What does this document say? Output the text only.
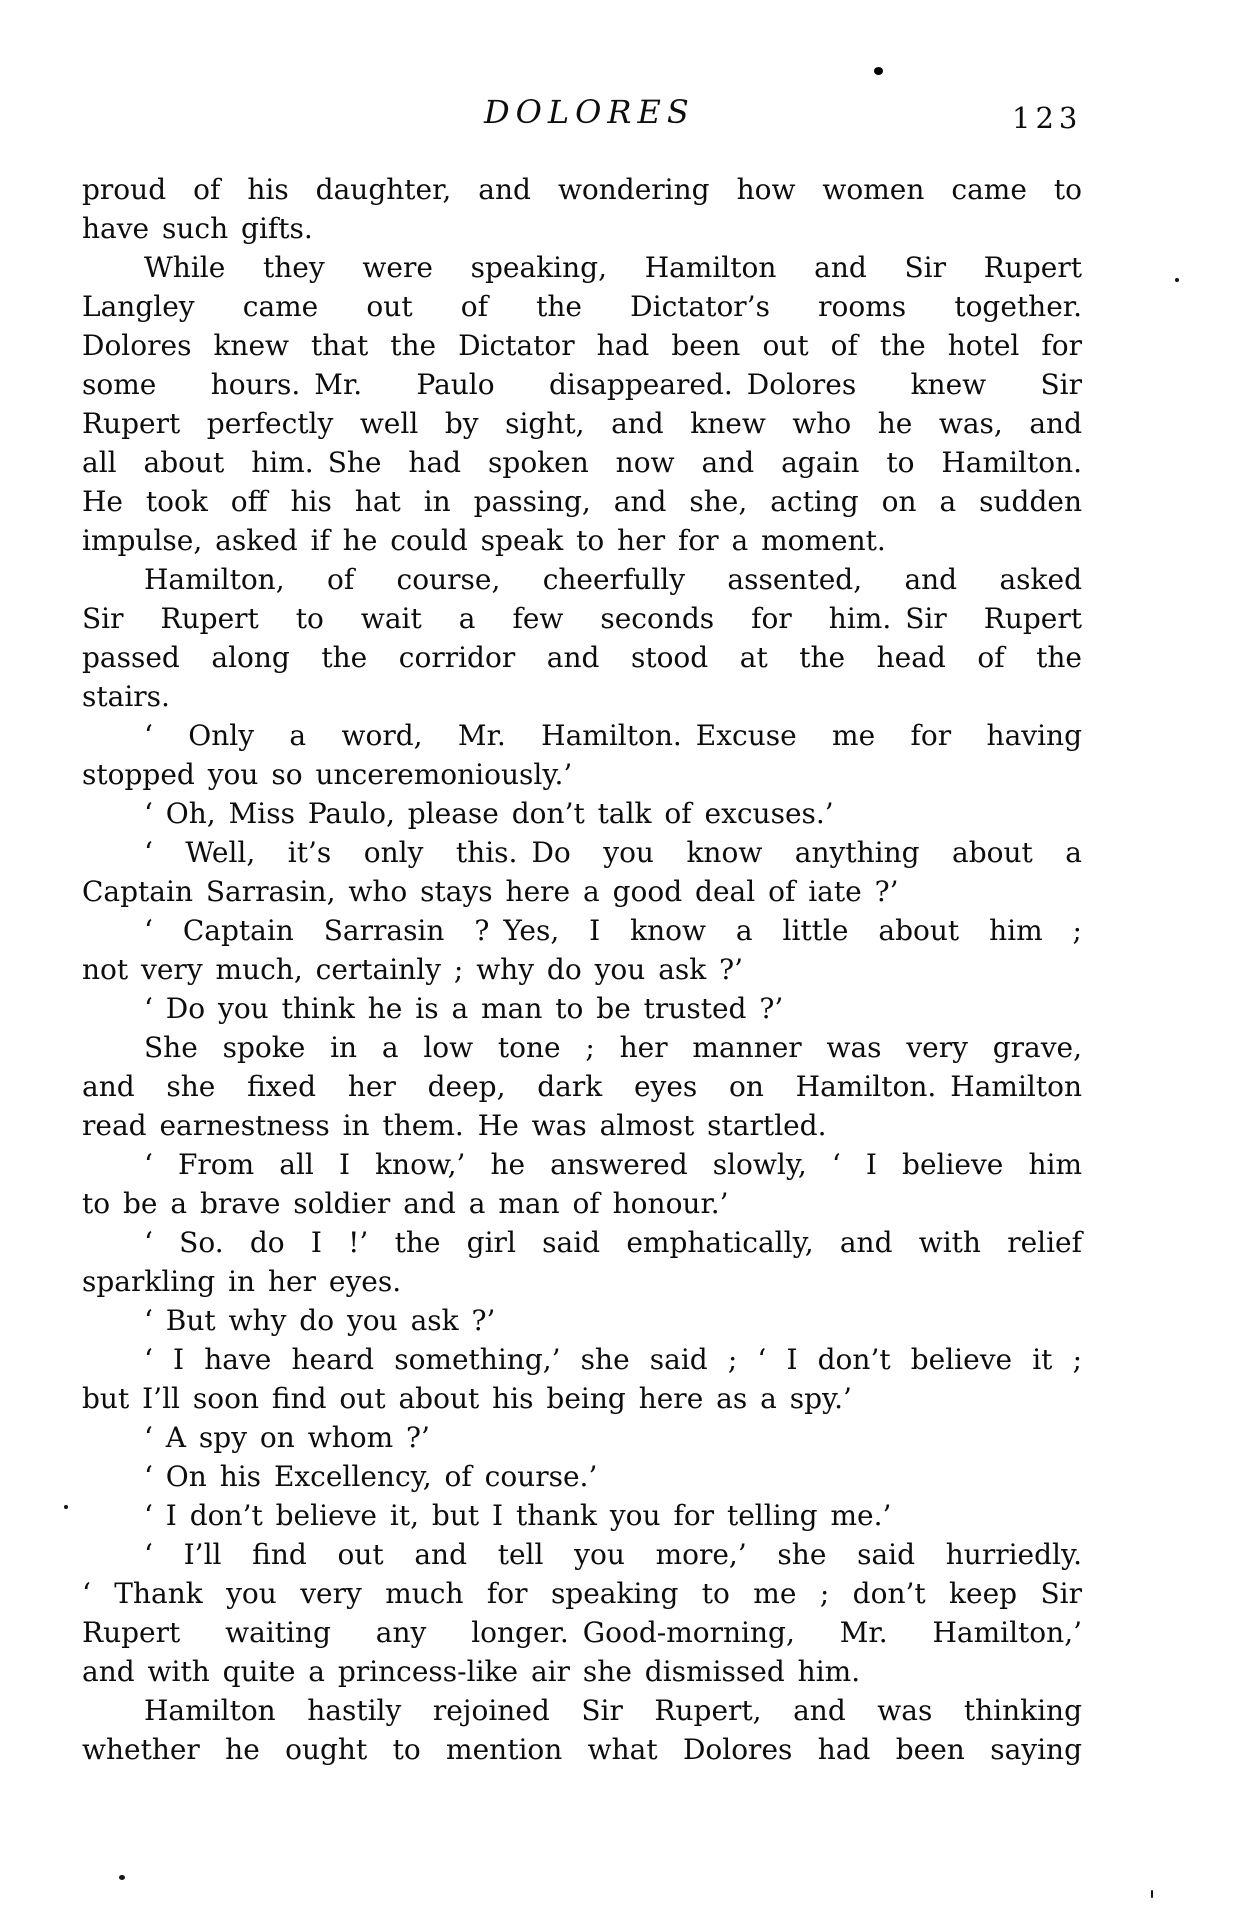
DOLORES	123
proud of his daughter, and wondering how women came to
have such gifts.
While they were speaking, Hamilton and Sir Rupert
Langley came out of the Dictator’s rooms together.
Dolores knew that the Dictator had been out of the hotel for
some hours. Mr. Paulo disappeared. Dolores knew Sir
Rupert perfectly well by sight, and knew who he was, and
all about him. She had spoken now and again to Hamilton.
He took off his hat in passing, and she, acting on a sudden
impulse, asked if he could speak to her for a moment.
Hamilton, of course, cheerfully assented, and asked
Sir Rupert to wait a few seconds for him. Sir Rupert
passed along the corridor and stood at the head of the
stairs.
‘ Only a word, Mr. Hamilton. Excuse me for having
stopped you so unceremoniously.’
‘ Oh, Miss Paulo, please don’t talk of excuses.’
‘ Well, it’s only this. Do you know anything about a
Captain Sarrasin, who stays here a good deal of iate ?’
‘ Captain Sarrasin ? Yes, I know a little about him ;
not very much, certainly ; why do you ask ?’
‘ Do you think he is a man to be trusted ?’
She spoke in a low tone ; her manner was very grave,
and she fixed her deep, dark eyes on Hamilton. Hamilton
read earnestness in them. He was almost startled.
‘ From all I know,’ he answered slowly, ‘ I believe him
to be a brave soldier and a man of honour.’
‘ So. do I !’ the girl said emphatically, and with relief
sparkling in her eyes.
‘ But why do you ask ?’
‘ I have heard something,’ she said ; ‘ I don’t believe it ;
but I’ll soon find out about his being here as a spy.’
‘ A spy on whom ?’
‘ On his Excellency, of course.’
‘ I don’t believe it, but I thank you for telling me.’
‘ I’ll find out and tell you more,’ she said hurriedly.
‘ Thank you very much for speaking to me ; don’t keep Sir
Rupert waiting any longer. Good-morning, Mr. Hamilton,’
and with quite a princess-like air she dismissed him.
Hamilton hastily rejoined Sir Rupert, and was thinking
whether he ought to mention what Dolores had been saying
